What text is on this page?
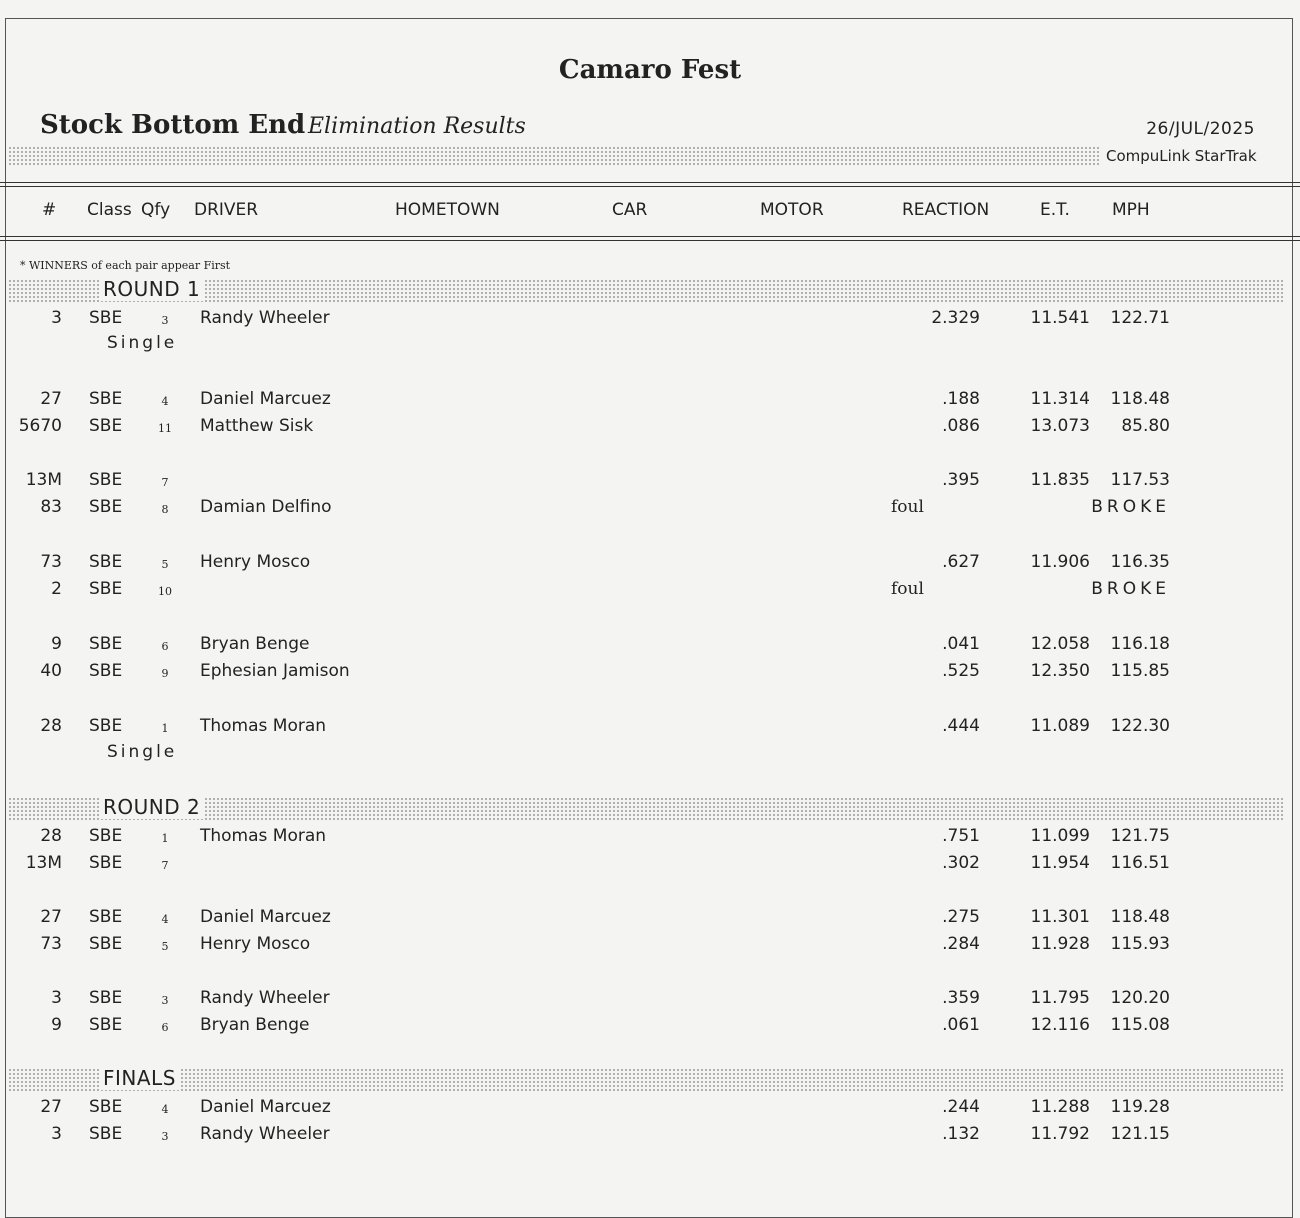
Camaro Fest
Stock Bottom End Elimination Results	26/JUL/2025
CompuLink StarTrak
# Class Qfy DRIVER	HOMETOWN	CAR	MOTOR	REACTION	E.T. MPH
* WINNERS of each pair appear First
ROUND 1
3 SBE	3	Randy Wheeler	2.329	11.541	122.71
Single
27 SBE	4	Daniel Marcuez	.188	11.314	118.48
5670 SBE	11	Matthew Sisk	.086	13.073	85.80
13M SBE	7	.395	11.835	117.53
83 SBE	8	Damian Delfino	foul	BROKE
73 SBE	5	Henry Mosco	.627	11.906	116.35
2 SBE	10	foul	BROKE
9 SBE	6	Bryan Benge	.041	12.058	116.18
40 SBE	9	Ephesian Jamison	.525	12.350	115.85
28 SBE	1	Thomas Moran	.444	11.089	122.30
Single
ROUND 2
28 SBE	1	Thomas Moran	.751	11.099	121.75
13M SBE	7	.302	11.954	116.51
27 SBE	4	Daniel Marcuez	.275	11.301	118.48
73 SBE	5	Henry Mosco	.284	11.928	115.93
3 SBE	3	Randy Wheeler	.359	11.795	120.20
9 SBE	6	Bryan Benge	.061	12.116	115.08
FINALS
27 SBE	4	Daniel Marcuez	.244	11.288	119.28
3 SBE	3	Randy Wheeler	.132	11.792	121.15
